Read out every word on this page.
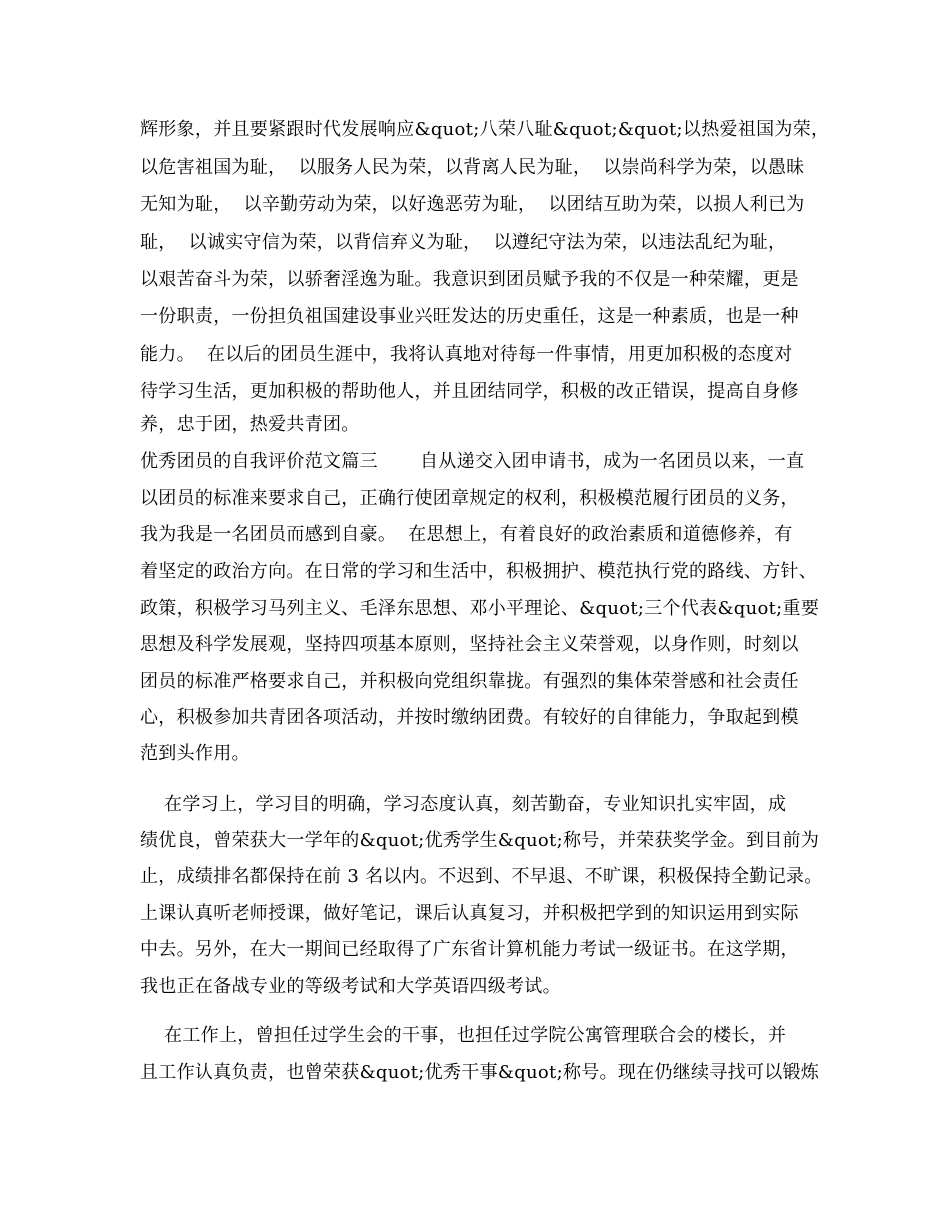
辉形象，并且要紧跟时代发展响应&quot;八荣八耻&quot;&quot;以热爱祖国为荣，
以危害祖国为耻，  以服务人民为荣，以背离人民为耻，  以崇尚科学为荣，以愚昧
无知为耻，  以辛勤劳动为荣，以好逸恶劳为耻，  以团结互助为荣，以损人利已为
耻，  以诚实守信为荣，以背信弃义为耻，  以遵纪守法为荣，以违法乱纪为耻，
以艰苦奋斗为荣，以骄奢淫逸为耻。我意识到团员赋予我的不仅是一种荣耀，更是
一份职责，一份担负祖国建设事业兴旺发达的历史重任，这是一种素质，也是一种
能力。  在以后的团员生涯中，我将认真地对待每一件事情，用更加积极的态度对
待学习生活，更加积极的帮助他人，并且团结同学，积极的改正错误，提高自身修
养，忠于团，热爱共青团。
优秀团员的自我评价范文篇三       自从递交入团申请书，成为一名团员以来，一直
以团员的标准来要求自己，正确行使团章规定的权利，积极模范履行团员的义务，
我为我是一名团员而感到自豪。  在思想上，有着良好的政治素质和道德修养，有
着坚定的政治方向。在日常的学习和生活中，积极拥护、模范执行党的路线、方针、
政策，积极学习马列主义、毛泽东思想、邓小平理论、&quot;三个代表&quot;重要
思想及科学发展观，坚持四项基本原则，坚持社会主义荣誉观，以身作则，时刻以
团员的标准严格要求自己，并积极向党组织靠拢。有强烈的集体荣誉感和社会责任
心，积极参加共青团各项活动，并按时缴纳团费。有较好的自律能力，争取起到模
范到头作用。
在学习上，学习目的明确，学习态度认真，刻苦勤奋，专业知识扎实牢固，成
绩优良，曾荣获大一学年的&quot;优秀学生&quot;称号，并荣获奖学金。到目前为
止，成绩排名都保持在前 3 名以内。不迟到、不早退、不旷课，积极保持全勤记录。
上课认真听老师授课，做好笔记，课后认真复习，并积极把学到的知识运用到实际
中去。另外，在大一期间已经取得了广东省计算机能力考试一级证书。在这学期，
我也正在备战专业的等级考试和大学英语四级考试。
在工作上，曾担任过学生会的干事，也担任过学院公寓管理联合会的楼长，并
且工作认真负责，也曾荣获&quot;优秀干事&quot;称号。现在仍继续寻找可以锻炼
